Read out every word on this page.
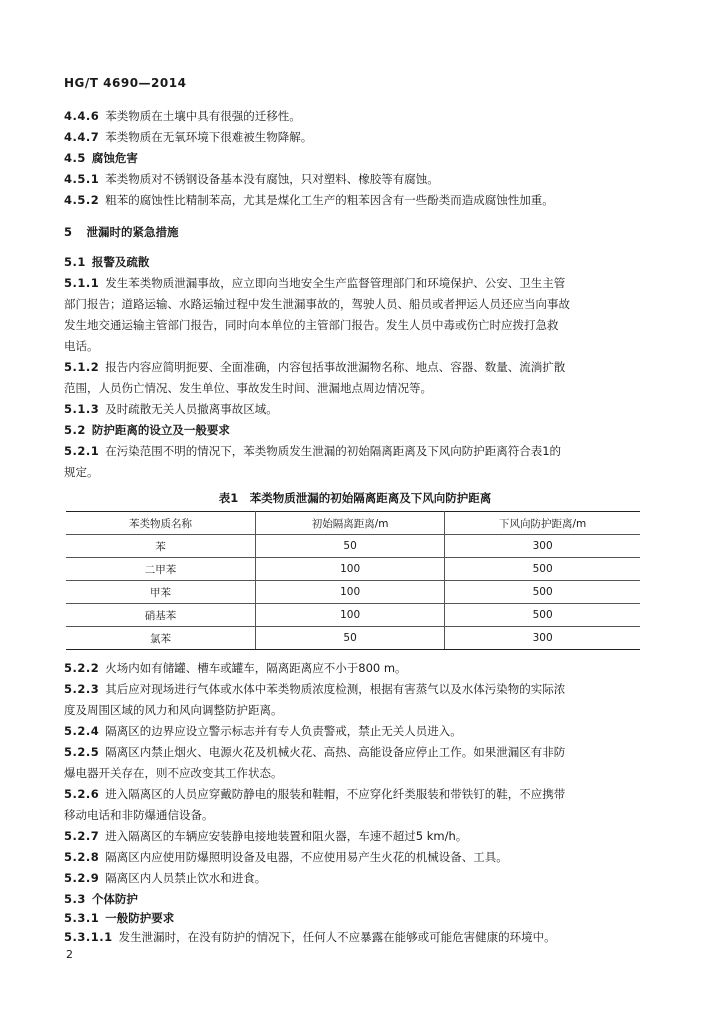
HG/T 4690—2014
4.4.6 苯类物质在土壤中具有很强的迁移性。
4.4.7 苯类物质在无氧环境下很难被生物降解。
4.5 腐蚀危害
4.5.1 苯类物质对不锈钢设备基本没有腐蚀，只对塑料、橡胶等有腐蚀。
4.5.2 粗苯的腐蚀性比精制苯高，尤其是煤化工生产的粗苯因含有一些酚类而造成腐蚀性加重。
5 泄漏时的紧急措施
5.1 报警及疏散
5.1.1 发生苯类物质泄漏事故，应立即向当地安全生产监督管理部门和环境保护、公安、卫生主管
部门报告；道路运输、水路运输过程中发生泄漏事故的，驾驶人员、船员或者押运人员还应当向事故
发生地交通运输主管部门报告，同时向本单位的主管部门报告。发生人员中毒或伤亡时应拨打急救
电话。
5.1.2 报告内容应简明扼要、全面准确，内容包括事故泄漏物名称、地点、容器、数量、流淌扩散
范围，人员伤亡情况、发生单位、事故发生时间、泄漏地点周边情况等。
5.1.3 及时疏散无关人员撤离事故区域。
5.2 防护距离的设立及一般要求
5.2.1 在污染范围不明的情况下，苯类物质发生泄漏的初始隔离距离及下风向防护距离符合表1的
规定。
表1　苯类物质泄漏的初始隔离距离及下风向防护距离
苯类物质名称	初始隔离距离/m	下风向防护距离/m
苯	50	300
二甲苯	100	500
甲苯	100	500
硝基苯	100	500
氯苯	50	300
5.2.2 火场内如有储罐、槽车或罐车，隔离距离应不小于800 m。
5.2.3 其后应对现场进行气体或水体中苯类物质浓度检测，根据有害蒸气以及水体污染物的实际浓
度及周围区域的风力和风向调整防护距离。
5.2.4 隔离区的边界应设立警示标志并有专人负责警戒，禁止无关人员进入。
5.2.5 隔离区内禁止烟火、电源火花及机械火花、高热、高能设备应停止工作。如果泄漏区有非防
爆电器开关存在，则不应改变其工作状态。
5.2.6 进入隔离区的人员应穿戴防静电的服装和鞋帽，不应穿化纤类服装和带铁钉的鞋，不应携带
移动电话和非防爆通信设备。
5.2.7 进入隔离区的车辆应安装静电接地装置和阻火器，车速不超过5 km/h。
5.2.8 隔离区内应使用防爆照明设备及电器，不应使用易产生火花的机械设备、工具。
5.2.9 隔离区内人员禁止饮水和进食。
5.3 个体防护
5.3.1 一般防护要求
5.3.1.1 发生泄漏时，在没有防护的情况下，任何人不应暴露在能够或可能危害健康的环境中。
2
